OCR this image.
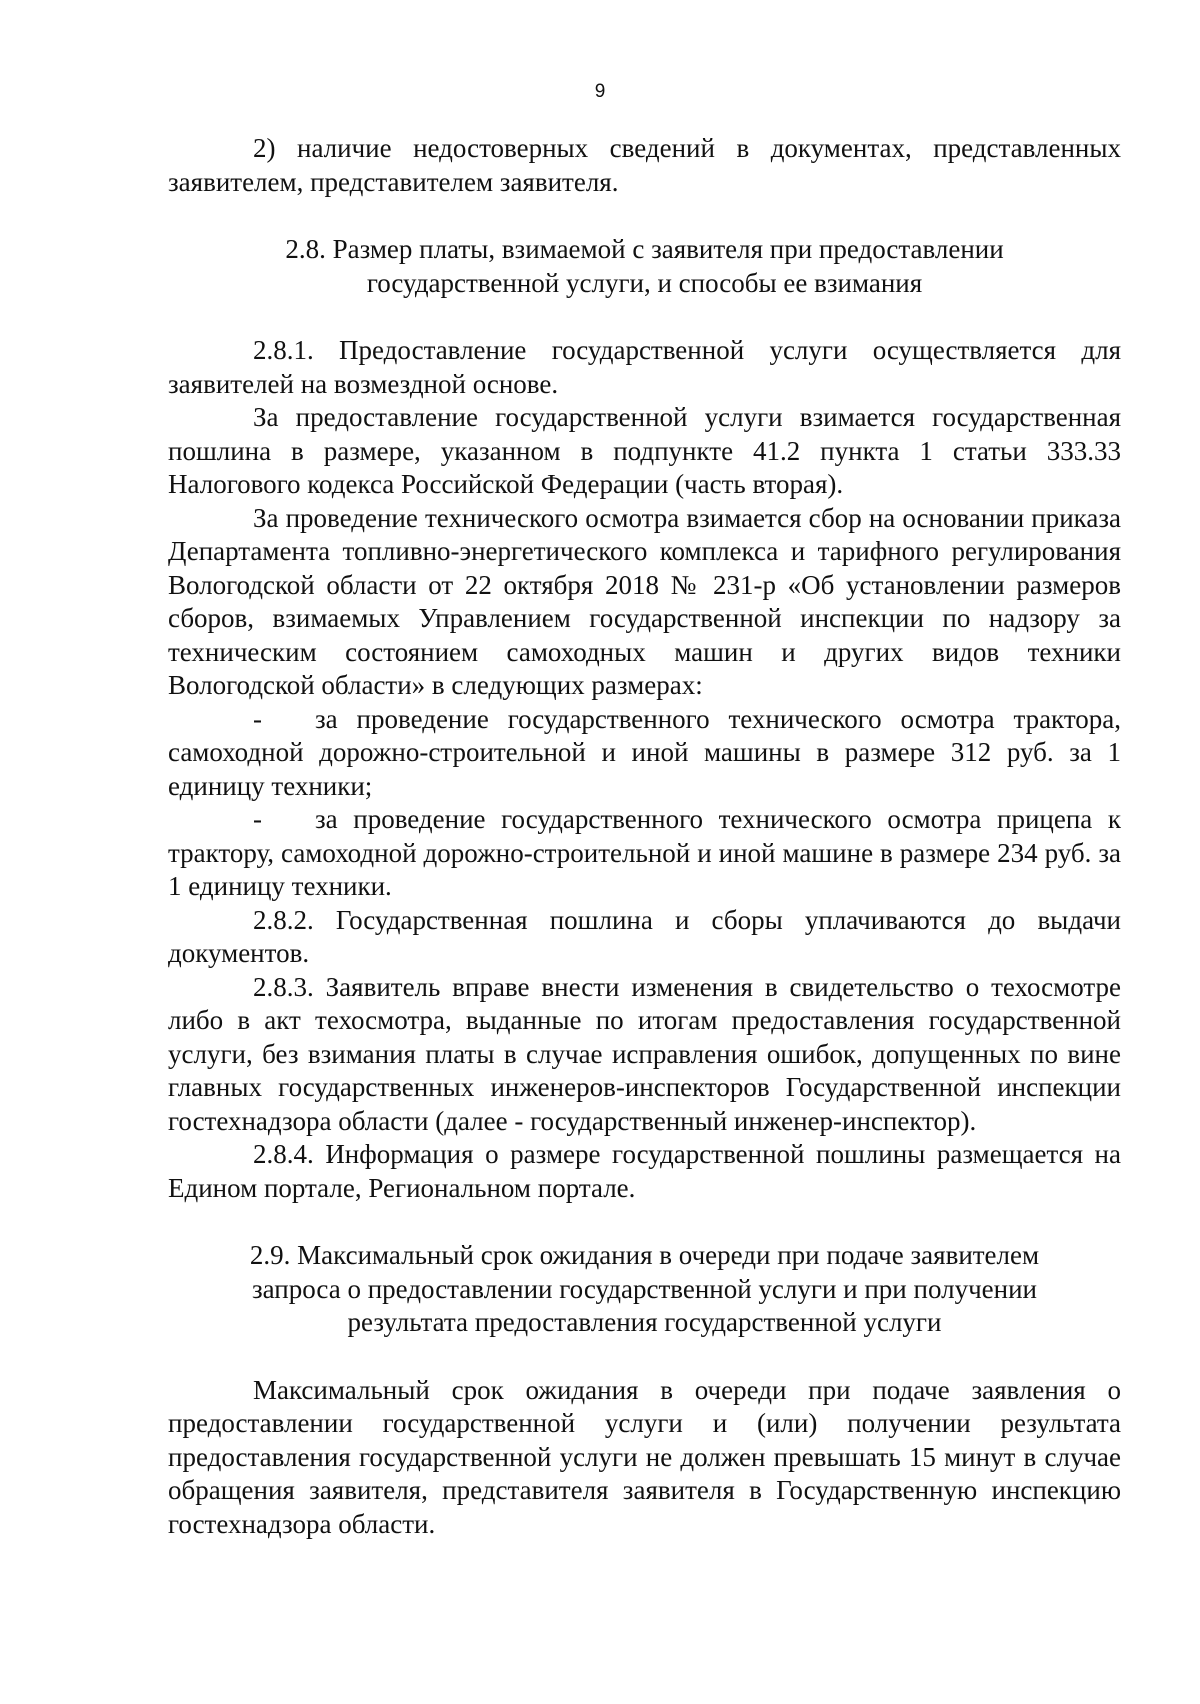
9

2) наличие недостоверных сведений в документах, представленных заявителем, представителем заявителя.

2.8. Размер платы, взимаемой с заявителя при предоставлении государственной услуги, и способы ее взимания

2.8.1. Предоставление государственной услуги осуществляется для заявителей на возмездной основе.

За предоставление государственной услуги взимается государственная пошлина в размере, указанном в подпункте 41.2 пункта 1 статьи 333.33 Налогового кодекса Российской Федерации (часть вторая).

За проведение технического осмотра взимается сбор на основании приказа Департамента топливно-энергетического комплекса и тарифного регулирования Вологодской области от 22 октября 2018 № 231-р «Об установлении размеров сборов, взимаемых Управлением государственной инспекции по надзору за техническим состоянием самоходных машин и других видов техники Вологодской области» в следующих размерах:

- за проведение государственного технического осмотра трактора, самоходной дорожно-строительной и иной машины в размере 312 руб. за 1 единицу техники;

- за проведение государственного технического осмотра прицепа к трактору, самоходной дорожно-строительной и иной машине в размере 234 руб. за 1 единицу техники.

2.8.2. Государственная пошлина и сборы уплачиваются до выдачи документов.

2.8.3. Заявитель вправе внести изменения в свидетельство о техосмотре либо в акт техосмотра, выданные по итогам предоставления государственной услуги, без взимания платы в случае исправления ошибок, допущенных по вине главных государственных инженеров-инспекторов Государственной инспекции гостехнадзора области (далее - государственный инженер-инспектор).

2.8.4. Информация о размере государственной пошлины размещается на Едином портале, Региональном портале.

2.9. Максимальный срок ожидания в очереди при подаче заявителем запроса о предоставлении государственной услуги и при получении результата предоставления государственной услуги

Максимальный срок ожидания в очереди при подаче заявления о предоставлении государственной услуги и (или) получении результата предоставления государственной услуги не должен превышать 15 минут в случае обращения заявителя, представителя заявителя в Государственную инспекцию гостехнадзора области.
